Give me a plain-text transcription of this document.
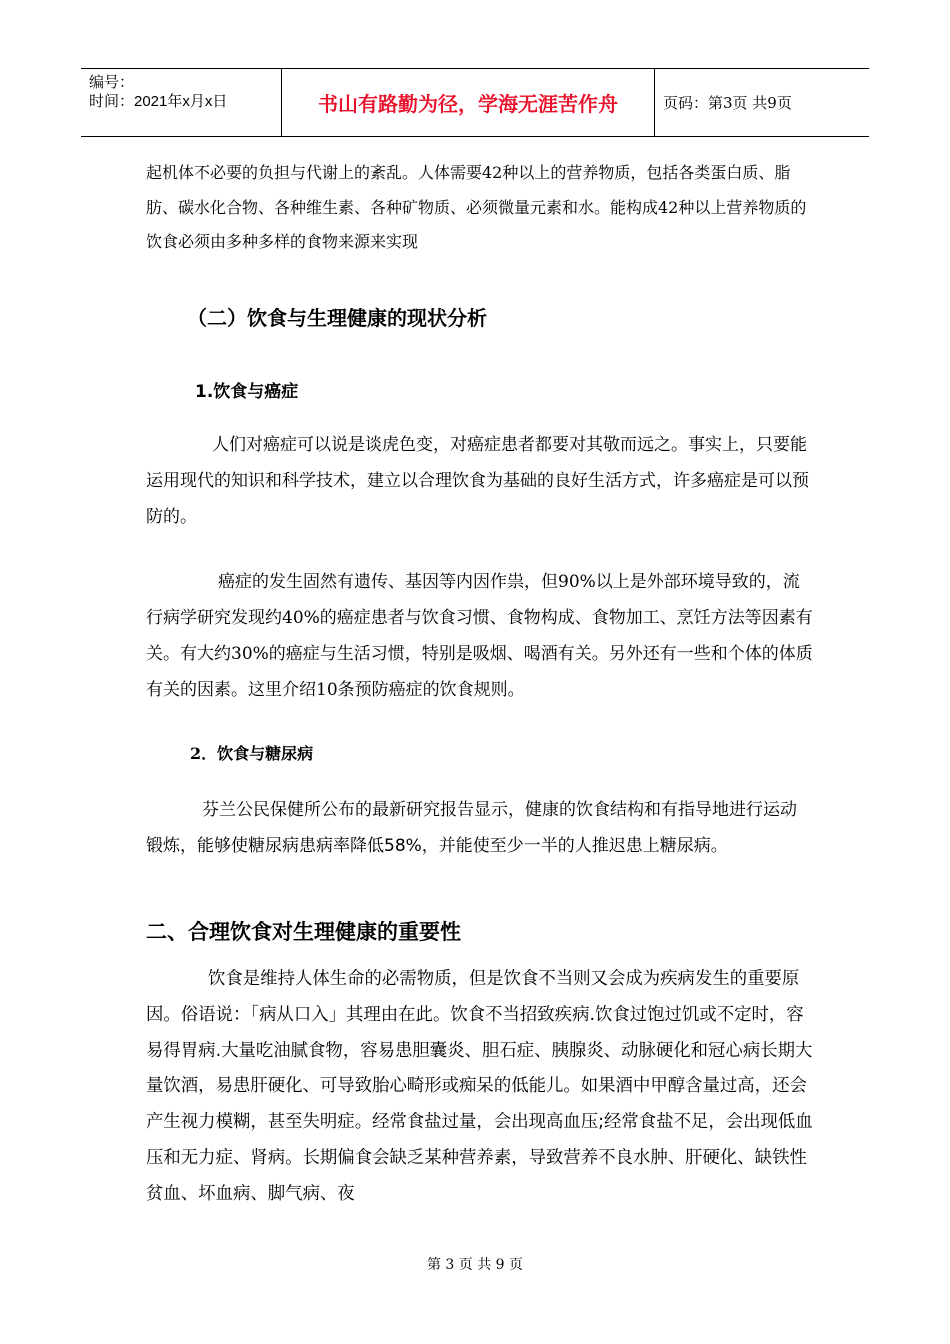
编号：
时间：2021年x月x日	书山有路勤为径，学海无涯苦作舟	页码：第3页 共9页

起机体不必要的负担与代谢上的紊乱。人体需要42种以上的营养物质，包括各类蛋白质、脂肪、碳水化合物、各种维生素、各种矿物质、必须微量元素和水。能构成42种以上营养物质的饮食必须由多种多样的食物来源来实现

（二）饮食与生理健康的现状分析
1.饮食与癌症

人们对癌症可以说是谈虎色变，对癌症患者都要对其敬而远之。事实上，只要能运用现代的知识和科学技术，建立以合理饮食为基础的良好生活方式，许多癌症是可以预防的。

癌症的发生固然有遗传、基因等内因作祟，但90%以上是外部环境导致的，流行病学研究发现约40%的癌症患者与饮食习惯、食物构成、食物加工、烹饪方法等因素有关。有大约30%的癌症与生活习惯，特别是吸烟、喝酒有关。另外还有一些和个体的体质有关的因素。这里介绍10条预防癌症的饮食规则。

2．饮食与糖尿病

芬兰公民保健所公布的最新研究报告显示，健康的饮食结构和有指导地进行运动锻炼，能够使糖尿病患病率降低58%，并能使至少一半的人推迟患上糖尿病。

二、合理饮食对生理健康的重要性

饮食是维持人体生命的必需物质，但是饮食不当则又会成为疾病发生的重要原因。俗语说：「病从口入」其理由在此。饮食不当招致疾病.饮食过饱过饥或不定时，容易得胃病.大量吃油腻食物，容易患胆囊炎、胆石症、胰腺炎、动脉硬化和冠心病长期大量饮酒，易患肝硬化、可导致胎心畸形或痴呆的低能儿。如果酒中甲醇含量过高，还会产生视力模糊，甚至失明症。经常食盐过量，会出现高血压;经常食盐不足，会出现低血压和无力症、肾病。长期偏食会缺乏某种营养素，导致营养不良水肿、肝硬化、缺铁性贫血、坏血病、脚气病、夜

第 3 页 共 9 页
